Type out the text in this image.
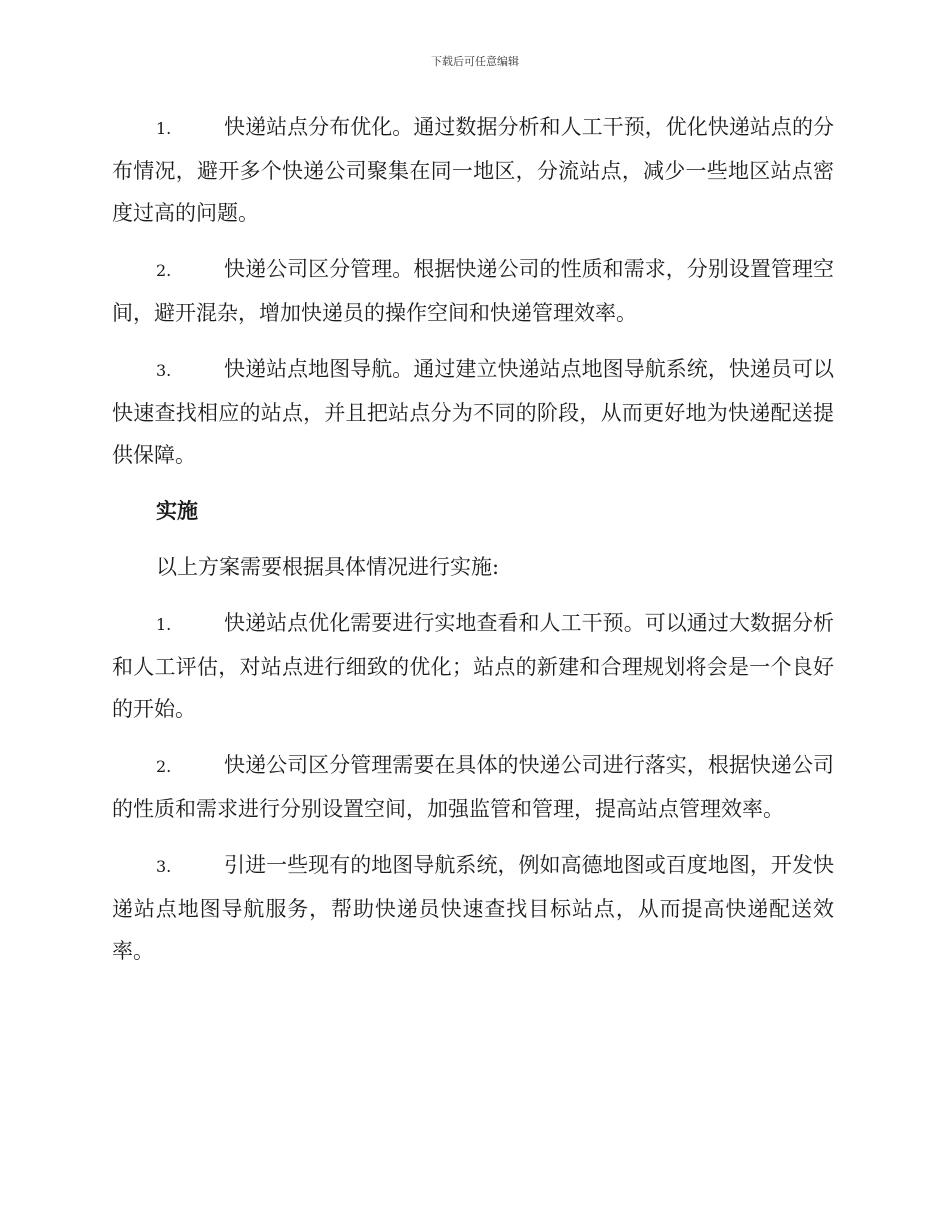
下载后可任意编辑

1.	快递站点分布优化。通过数据分析和人工干预，优化快递站点的分布情况，避开多个快递公司聚集在同一地区，分流站点，减少一些地区站点密度过高的问题。

2.	快递公司区分管理。根据快递公司的性质和需求，分别设置管理空间，避开混杂，增加快递员的操作空间和快递管理效率。

3.	快递站点地图导航。通过建立快递站点地图导航系统，快递员可以快速查找相应的站点，并且把站点分为不同的阶段，从而更好地为快递配送提供保障。

实施

以上方案需要根据具体情况进行实施:

1.	快递站点优化需要进行实地查看和人工干预。可以通过大数据分析和人工评估，对站点进行细致的优化；站点的新建和合理规划将会是一个良好的开始。

2.	快递公司区分管理需要在具体的快递公司进行落实，根据快递公司的性质和需求进行分别设置空间，加强监管和管理，提高站点管理效率。

3.	引进一些现有的地图导航系统，例如高德地图或百度地图，开发快递站点地图导航服务，帮助快递员快速查找目标站点，从而提高快递配送效率。
